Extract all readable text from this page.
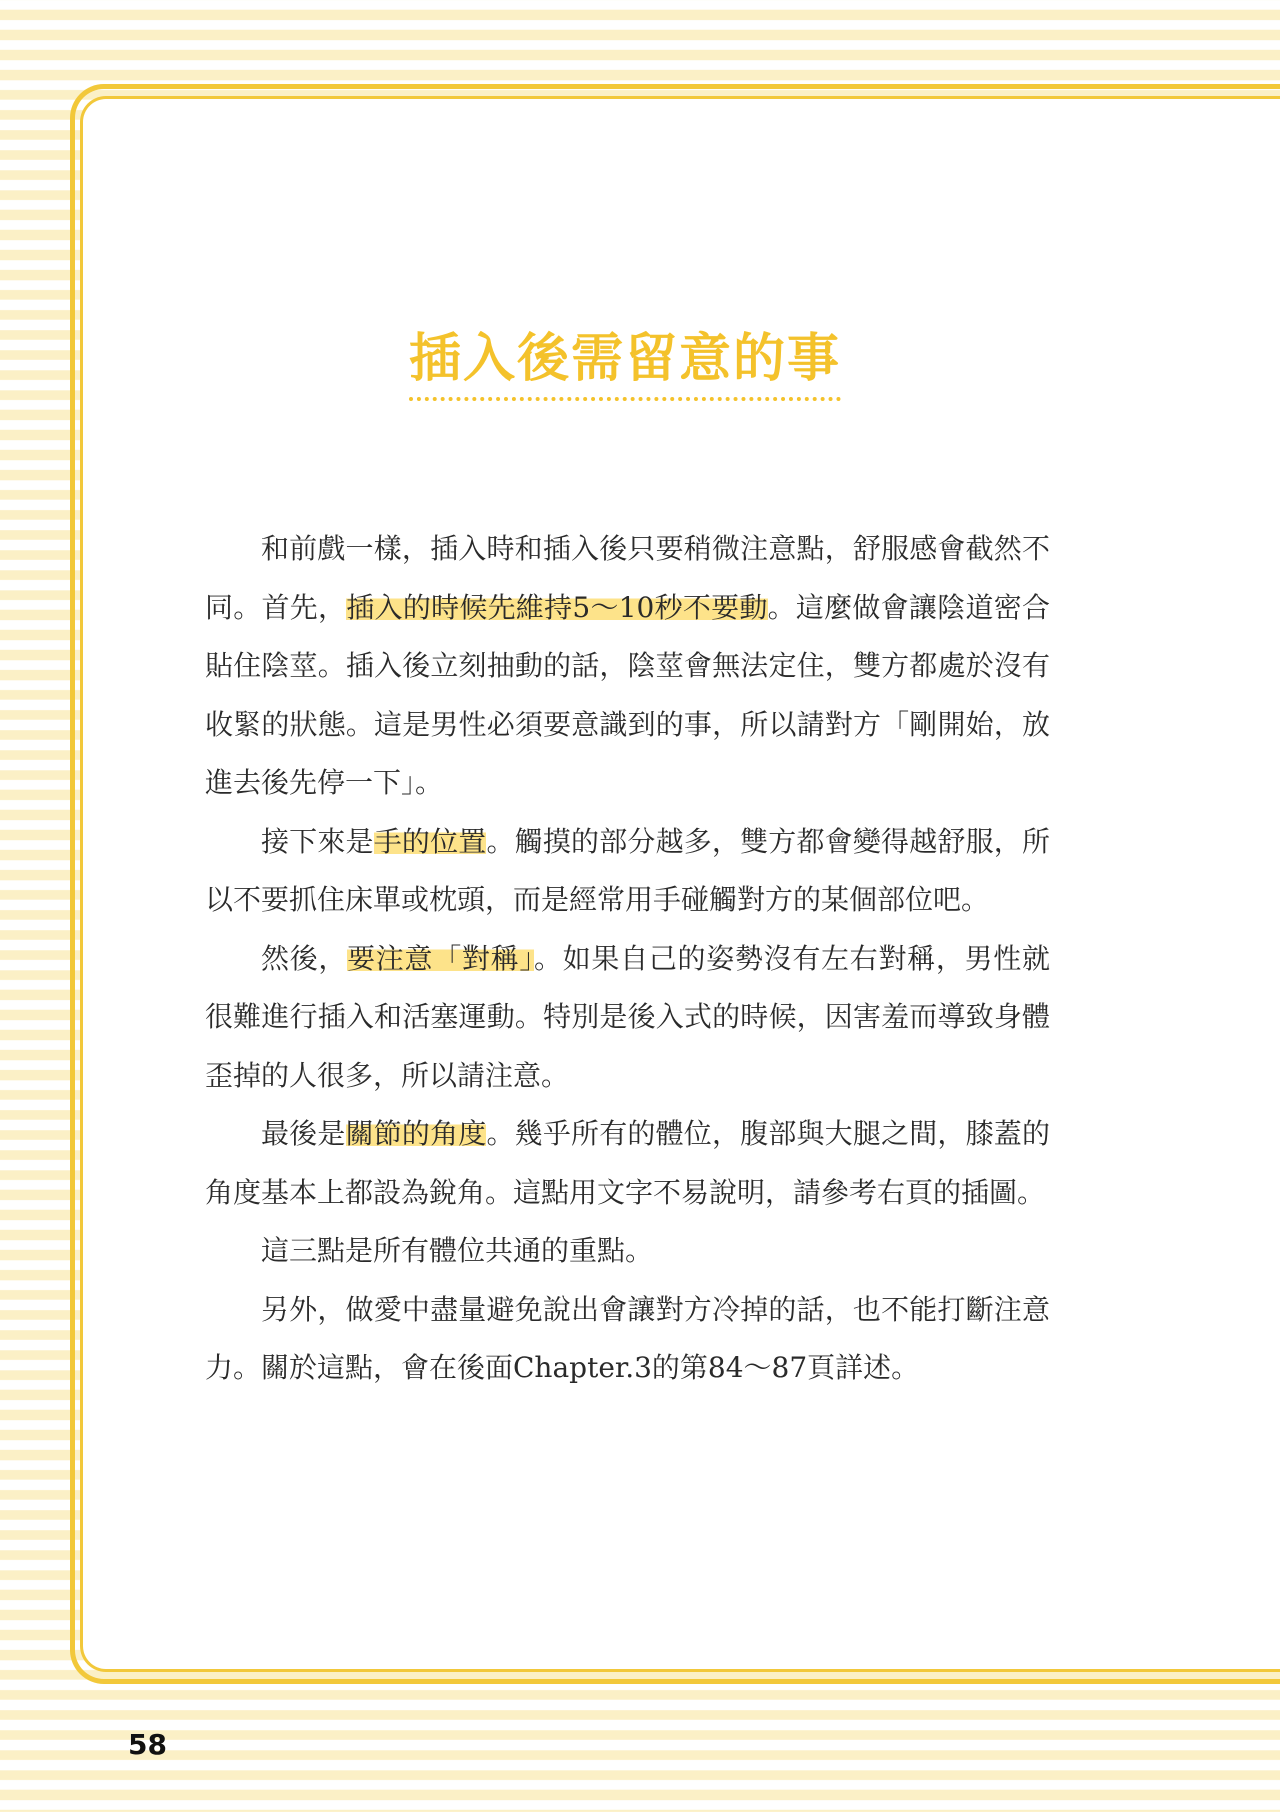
插入後需留意的事

和前戲一樣，插入時和插入後只要稍微注意點，舒服感會截然不同。首先，插入的時候先維持5～10秒不要動。這麼做會讓陰道密合貼住陰莖。插入後立刻抽動的話，陰莖會無法定住，雙方都處於沒有收緊的狀態。這是男性必須要意識到的事，所以請對方「剛開始，放進去後先停一下」。

接下來是手的位置。觸摸的部分越多，雙方都會變得越舒服，所以不要抓住床單或枕頭，而是經常用手碰觸對方的某個部位吧。

然後，要注意「對稱」。如果自己的姿勢沒有左右對稱，男性就很難進行插入和活塞運動。特別是後入式的時候，因害羞而導致身體歪掉的人很多，所以請注意。

最後是關節的角度。幾乎所有的體位，腹部與大腿之間，膝蓋的角度基本上都設為銳角。這點用文字不易說明，請參考右頁的插圖。

這三點是所有體位共通的重點。

另外，做愛中盡量避免說出會讓對方冷掉的話，也不能打斷注意力。關於這點，會在後面Chapter.3的第84～87頁詳述。

58
